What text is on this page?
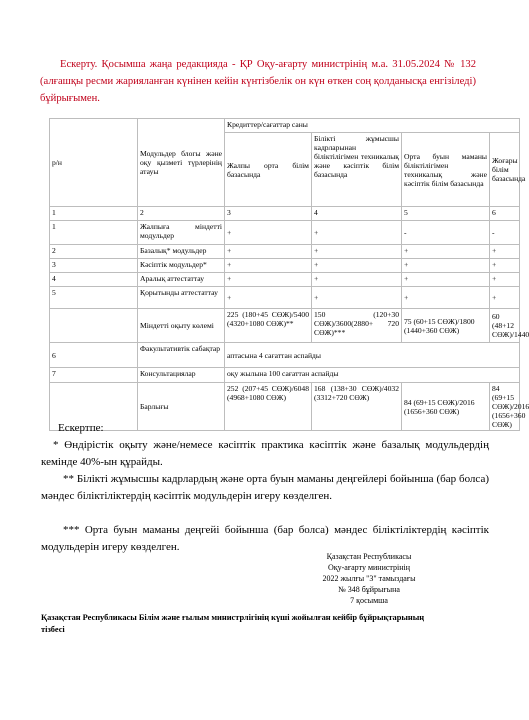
Ескерту. Қосымша жаңа редакцияда - ҚР Оқу-ағарту министрінің м.а. 31.05.2024 № 132 (алғашқы ресми жарияланған күнінен кейін күнтізбелік он күн өткен соң қолданысқа енгізіледі) бұйрығымен.
р/н	Модульдер блогы және оқу қызметі түрлерінің атауы	Кредиттер/сағаттар саны			
		Жалпы орта білім базасында	Білікті жұмысшы кадрларынан біліктілігімен техникалық және кәсіптік білім базасында	Орта буын маманы біліктілігімен техникалық және кәсіптік білім базасында	Жоғары білім базасында
1	2	3	4	5	6
1	Жалпыға міндетті модульдер	+	+	-	-
2	Базалық* модульдер	+	+	+	+
3	Кәсіптік модульдер*	+	+	+	+
4	Аралық аттестаттау	+	+	+	+
5	Қорытынды аттестаттау	+	+	+	+
	Міндетті оқыту көлемі	225 (180+45 СӨЖ)/5400 (4320+1080 СӨЖ)**	150 (120+30 СӨЖ)/3600(2880+ 720 СӨЖ)***	75 (60+15 СӨЖ)/1800 (1440+360 СӨЖ)	60 (48+12 СӨЖ)/1440
6	Факультативтік сабақтар	аптасына 4 сағаттан аспайды			
7	Консультациялар	оқу жылына 100 сағаттан аспайды			
	Барлығы	252 (207+45 СӨЖ)/6048 (4968+1080 СӨЖ)	168 (138+30 СӨЖ)/4032 (3312+720 СӨЖ)	84 (69+15 СӨЖ)/2016 (1656+360 СӨЖ)	84 (69+15 СӨЖ)/2016 (1656+360 СӨЖ)
Ескертпе:
* Өндірістік оқыту және/немесе кәсіптік практика кәсіптік және базалық модульдердің кемінде 40%-ын құрайды.
** Білікті жұмысшы кадрлардың және орта буын маманы деңгейлері бойынша (бар болса) мәндес біліктіліктердің кәсіптік модульдерін игеру көзделген.
*** Орта буын маманы деңгейі бойынша (бар болса) мәндес біліктіліктердің кәсіптік модульдерін игеру көзделген.
Қазақстан Республикасы
Оқу-ағарту министрінің
2022 жылғы "3" тамыздағы
№ 348 бұйрығына
7 қосымша
Қазақстан Республикасы Білім және ғылым министрлігінің күші жойылған кейбір бұйрықтарының тізбесі
